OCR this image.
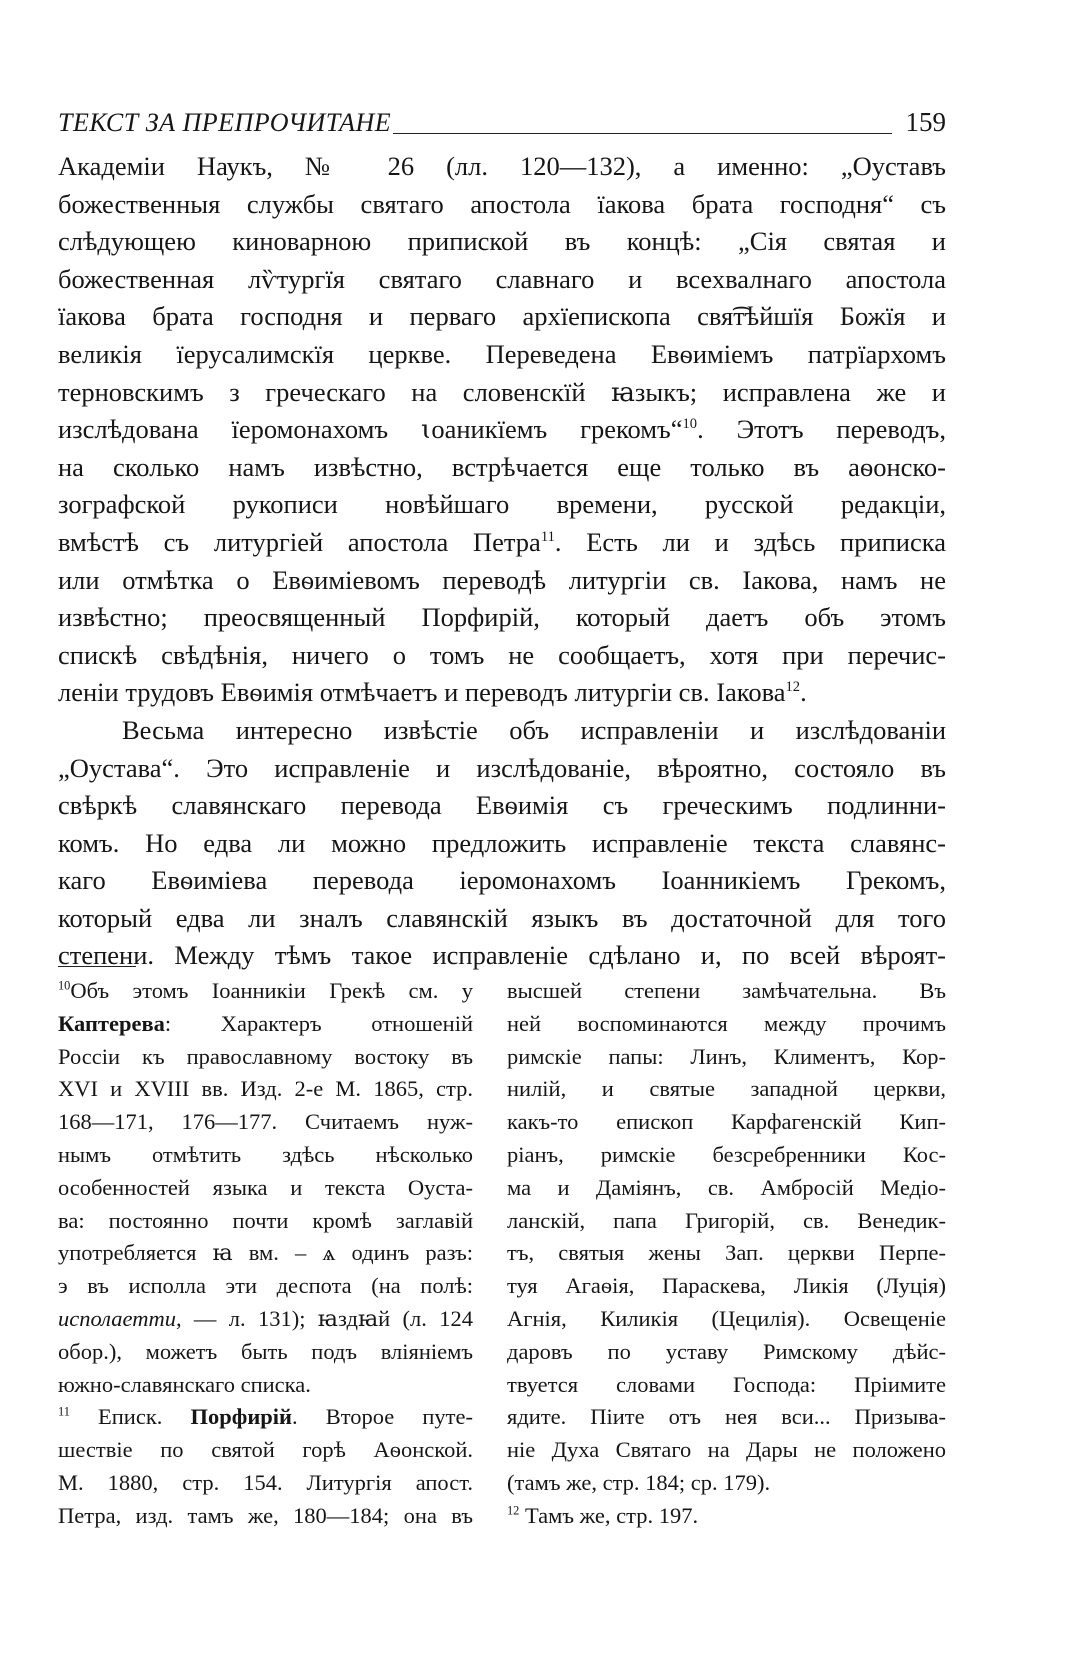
ТЕКСТ ЗА ПРЕПРОЧИТАНЕ	159
Академіи Наукъ, № 26 (лл. 120—132), а именно: „Оуставъ
божественныя службы святаго апостола їакова брата господня“ съ
слѣдующею киноварною припиской въ концѣ: „Сія святая и
божественная лѷтургїя святаго славнаго и всехвалнаго апостола
їакова брата господня и перваго архїепископа свя͡тѣйшїя Божїя и
великія їерусалимскїя церкве. Переведена Евѳиміемъ патрїархомъ
терновскимъ з греческаго на словенскїй ꙗзыкъ; исправлена же и
изслѣдована їеромонахомъ ꙇоаникїемъ грекомъ“$^{10}$. Этотъ переводъ,
на сколько намъ извѣстно, встрѣчается еще только въ аѳонско-
зографской рукописи новѣйшаго времени, русской редакціи,
вмѣстѣ съ литургіей апостола Петра$^{11}$. Есть ли и здѣсь приписка
или отмѣтка о Евѳиміевомъ переводѣ литургіи св. Іакова, намъ не
извѣстно; преосвященный Порфирій, который даетъ объ этомъ
спискѣ свѣдѣнія, ничего о томъ не сообщаетъ, хотя при перечис-
леніи трудовъ Евѳимія отмѣчаетъ и переводъ литургіи св. Іакова$^{12}$.
Весьма интересно извѣстіе объ исправленіи и изслѣдованіи
„Оустава“. Это исправленіе и изслѣдованіе, вѣроятно, состояло въ
свѣркѣ славянскаго перевода Евѳимія съ греческимъ подлинни-
комъ. Но едва ли можно предложить исправленіе текста славянс-
каго Евѳиміева перевода іеромонахомъ Іоанникіемъ Грекомъ,
который едва ли зналъ славянскій языкъ въ достаточной для того
степени. Между тѣмъ такое исправленіе сдѣлано и, по всей вѣроят-
$^{10}$Объ этомъ Іоанникіи Грекѣ см. у
Каптерева: Характеръ отношеній
Россіи къ православному востоку въ
XVI и XVIII вв. Изд. 2-е М. 1865, стр.
168—171, 176—177. Считаемъ нуж-
нымъ отмѣтить здѣсь нѣсколько
особенностей языка и текста Оуста-
ва: постоянно почти кромѣ заглавій
употребляется ꙗ вм. – ѧ одинъ разъ:
э въ исполла эти деспота (на полѣ:
исполаетти, — л. 131); ꙗздꙗй (л. 124
обор.), можетъ быть подъ вліяніемъ
южно-славянскаго списка.
$^{11}$ Еписк. Порфирій. Второе путе-
шествіе по святой горѣ Аѳонской.
М. 1880, стр. 154. Литургія апост.
Петра, изд. тамъ же, 180—184; она въ
высшей степени замѣчательна. Въ
ней воспоминаются между прочимъ
римскіе папы: Линъ, Климентъ, Кор-
нилій, и святые западной церкви,
какъ-то епископ Карфагенскій Кип-
ріанъ, римскіе безсребренники Кос-
ма и Даміянъ, св. Амбросій Медіо-
ланскій, папа Григорій, св. Венедик-
тъ, святыя жены Зап. церкви Перпе-
туя Агаѳія, Параскева, Ликія (Луція)
Агнія, Киликія (Цецилія). Освещеніе
даровъ по уставу Римскому дѣйс-
твуется словами Господа: Пріимите
ядите. Піите отъ нея вси... Призыва-
ніе Духа Святаго на Дары не положено
(тамъ же, стр. 184; ср. 179).
$^{12}$ Тамъ же, стр. 197.
